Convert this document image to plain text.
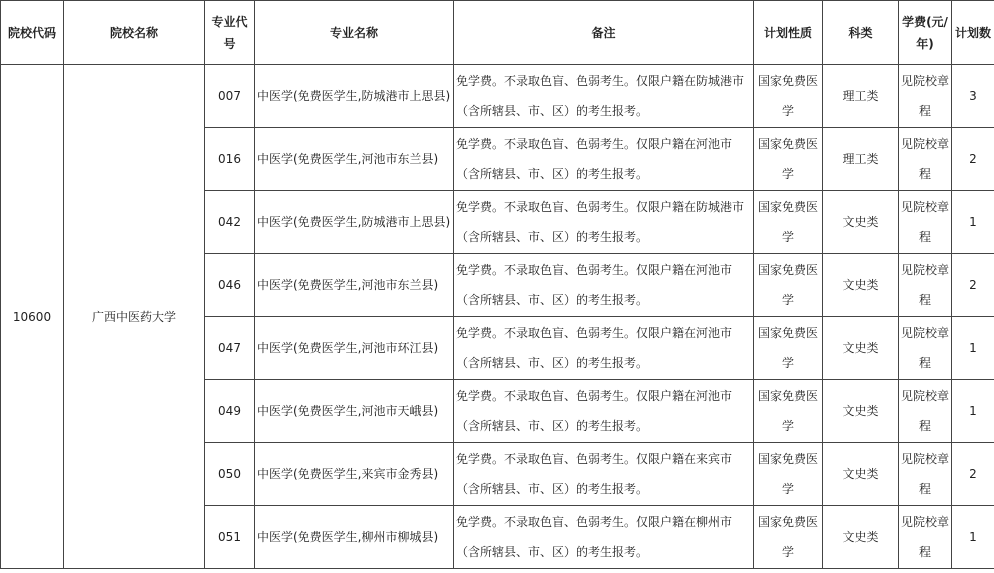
院校代码	院校名称	专业代号	专业名称	备注	计划性质	科类	学费(元/年)	计划数
10600	广西中医药大学	007	中医学(免费医学生,防城港市上思县)	免学费。不录取色盲、色弱考生。仅限户籍在防城港市（含所辖县、市、区）的考生报考。	国家免费医学	理工类	见院校章程	3
		016	中医学(免费医学生,河池市东兰县)	免学费。不录取色盲、色弱考生。仅限户籍在河池市（含所辖县、市、区）的考生报考。	国家免费医学	理工类	见院校章程	2
		042	中医学(免费医学生,防城港市上思县)	免学费。不录取色盲、色弱考生。仅限户籍在防城港市（含所辖县、市、区）的考生报考。	国家免费医学	文史类	见院校章程	1
		046	中医学(免费医学生,河池市东兰县)	免学费。不录取色盲、色弱考生。仅限户籍在河池市（含所辖县、市、区）的考生报考。	国家免费医学	文史类	见院校章程	2
		047	中医学(免费医学生,河池市环江县)	免学费。不录取色盲、色弱考生。仅限户籍在河池市（含所辖县、市、区）的考生报考。	国家免费医学	文史类	见院校章程	1
		049	中医学(免费医学生,河池市天峨县)	免学费。不录取色盲、色弱考生。仅限户籍在河池市（含所辖县、市、区）的考生报考。	国家免费医学	文史类	见院校章程	1
		050	中医学(免费医学生,来宾市金秀县)	免学费。不录取色盲、色弱考生。仅限户籍在来宾市（含所辖县、市、区）的考生报考。	国家免费医学	文史类	见院校章程	2
		051	中医学(免费医学生,柳州市柳城县)	免学费。不录取色盲、色弱考生。仅限户籍在柳州市（含所辖县、市、区）的考生报考。	国家免费医学	文史类	见院校章程	1
